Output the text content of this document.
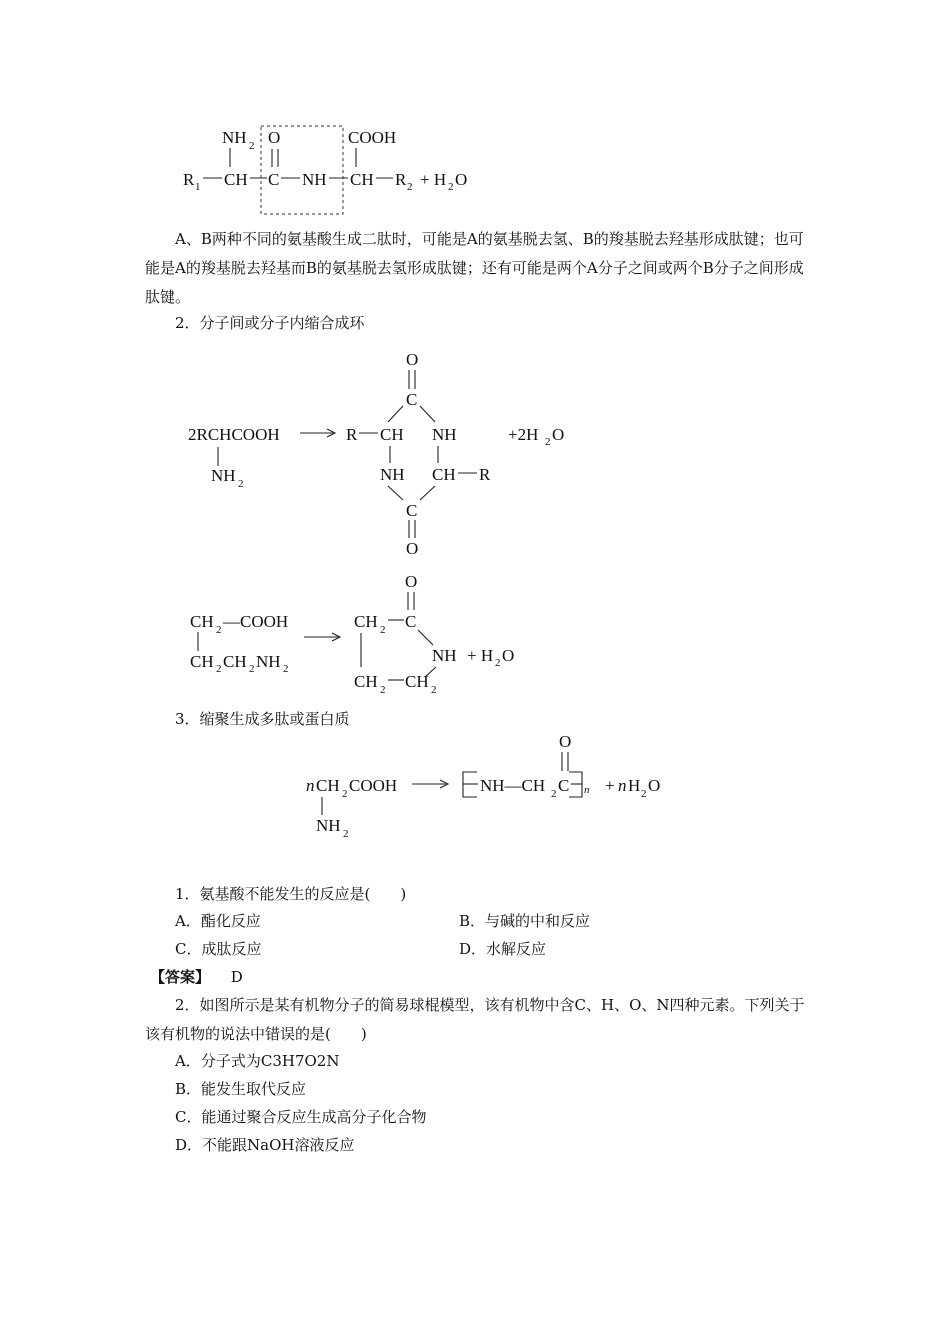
NH 2 O	COOH
R 1 CH C NH CH R 2 + H 2 O
2RCHCOOH
NH 2
O
C
R CH NH
NH CH R
C
O
+2H 2 O
CH 2 —COOH
CH 2 CH 2 NH 2
O
CH 2 C
NH
CH 2 CH 2
+ H 2 O
n CH 2 COOH
NH 2
NH—CH 2 C
O
n + n H 2 O

A、B两种不同的氨基酸生成二肽时，可能是A的氨基脱去氢、B的羧基脱去羟基形成肽键；也可能是A的羧基脱去羟基而B的氨基脱去氢形成肽键；还有可能是两个A分子之间或两个B分子之间形成肽键。

2．分子间或分子内缩合成环

3．缩聚生成多肽或蛋白质

1．氨基酸不能发生的反应是(　　)

A．酯化反应	B．与碱的中和反应

C．成肽反应	D．水解反应

【答案】 D

2．如图所示是某有机物分子的简易球棍模型，该有机物中含C、H、O、N四种元素。下列关于该有机物的说法中错误的是(　　)

A．分子式为C3H7O2N

B．能发生取代反应

C．能通过聚合反应生成高分子化合物

D．不能跟NaOH溶液反应
